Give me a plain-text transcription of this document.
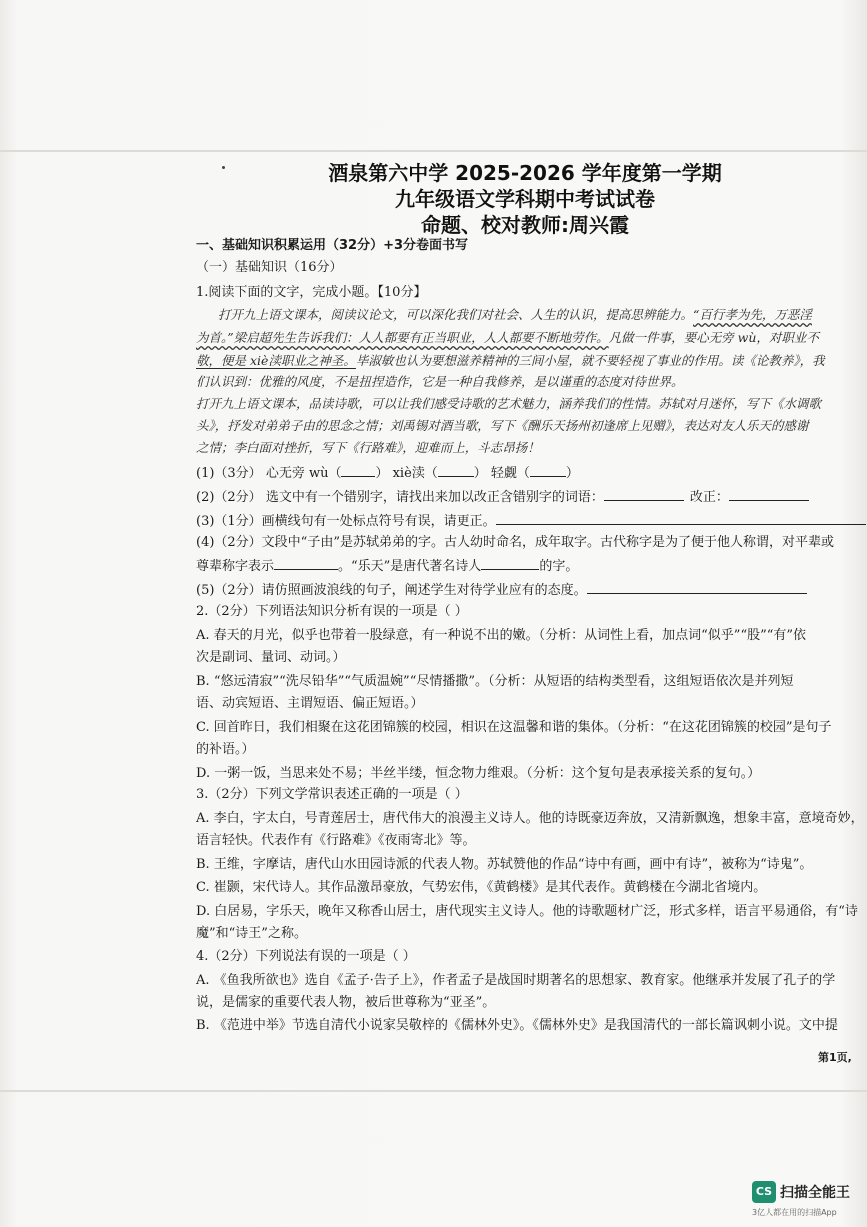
酒泉第六中学 2025-2026 学年度第一学期
九年级语文学科期中考试试卷
命题、校对教师:周兴霞
一、基础知识积累运用（32分）+3分卷面书写
（一）基础知识（16分）
1.阅读下面的文字，完成小题。【10分】
打开九上语文课本，阅读议论文，可以深化我们对社会、人生的认识，提高思辨能力。“百行孝为先，万恶淫
为首。”梁启超先生告诉我们：人人都要有正当职业，人人都要不断地劳作。凡做一件事，要心无旁 wù，对职业不
敬，便是 xiè渎职业之神圣。毕淑敏也认为要想滋养精神的三间小屋，就不要轻视了事业的作用。读《论教养》，我
们认识到：优雅的风度，不是扭捏造作，它是一种自我修养，是以谨重的态度对待世界。
打开九上语文课本，品读诗歌，可以让我们感受诗歌的艺术魅力，涵养我们的性情。苏轼对月迷怀，写下《水调歌
头》，抒发对弟弟子由的思念之情；刘禹锡对酒当歌，写下《酬乐天扬州初逢席上见赠》，表达对友人乐天的感谢
之情；李白面对挫折，写下《行路难》，迎难而上，斗志昂扬！
(1)（3分） 心无旁 wù（	） xiè渎（	） 轻觑（	）
(2)（2分） 选文中有一个错别字，请找出来加以改正含错别字的词语：	改正：
(3)（1分）画横线句有一处标点符号有误，请更正。
(4)（2分）文段中“子由”是苏轼弟弟的字。古人幼时命名，成年取字。古代称字是为了便于他人称谓，对平辈或
尊辈称字表示	。“乐天”是唐代著名诗人	的字。
(5)（2分）请仿照画波浪线的句子，阐述学生对待学业应有的态度。
2.（2分）下列语法知识分析有误的一项是（ ）
A. 春天的月光，似乎也带着一股绿意，有一种说不出的嫩。（分析：从词性上看，加点词“似乎”“股”“有”依
次是副词、量词、动词。）
B. “悠远清寂”“洗尽铅华”“气质温婉”“尽情播撒”。（分析：从短语的结构类型看，这组短语依次是并列短
语、动宾短语、主谓短语、偏正短语。）
C. 回首昨日，我们相聚在这花团锦簇的校园，相识在这温馨和谐的集体。（分析：“在这花团锦簇的校园”是句子
的补语。）
D. 一粥一饭，当思来处不易；半丝半缕，恒念物力维艰。（分析：这个复句是表承接关系的复句。）
3.（2分）下列文学常识表述正确的一项是（ ）
A. 李白，字太白，号青莲居士，唐代伟大的浪漫主义诗人。他的诗既豪迈奔放，又清新飘逸，想象丰富，意境奇妙，
语言轻快。代表作有《行路难》《夜雨寄北》等。
B. 王维，字摩诘，唐代山水田园诗派的代表人物。苏轼赞他的作品“诗中有画，画中有诗”，被称为“诗鬼”。
C. 崔颢，宋代诗人。其作品激昂豪放，气势宏伟，《黄鹤楼》是其代表作。黄鹤楼在今湖北省境内。
D. 白居易，字乐天，晚年又称香山居士，唐代现实主义诗人。他的诗歌题材广泛，形式多样，语言平易通俗，有“诗
魔”和“诗王”之称。
4.（2分）下列说法有误的一项是（ ）
A. 《鱼我所欲也》选自《孟子·告子上》，作者孟子是战国时期著名的思想家、教育家。他继承并发展了孔子的学
说，是儒家的重要代表人物，被后世尊称为“亚圣”。
B. 《范进中举》节选自清代小说家吴敬梓的《儒林外史》。《儒林外史》是我国清代的一部长篇讽刺小说。文中提
第1页,
CS 扫描全能王
3亿人都在用的扫描App
